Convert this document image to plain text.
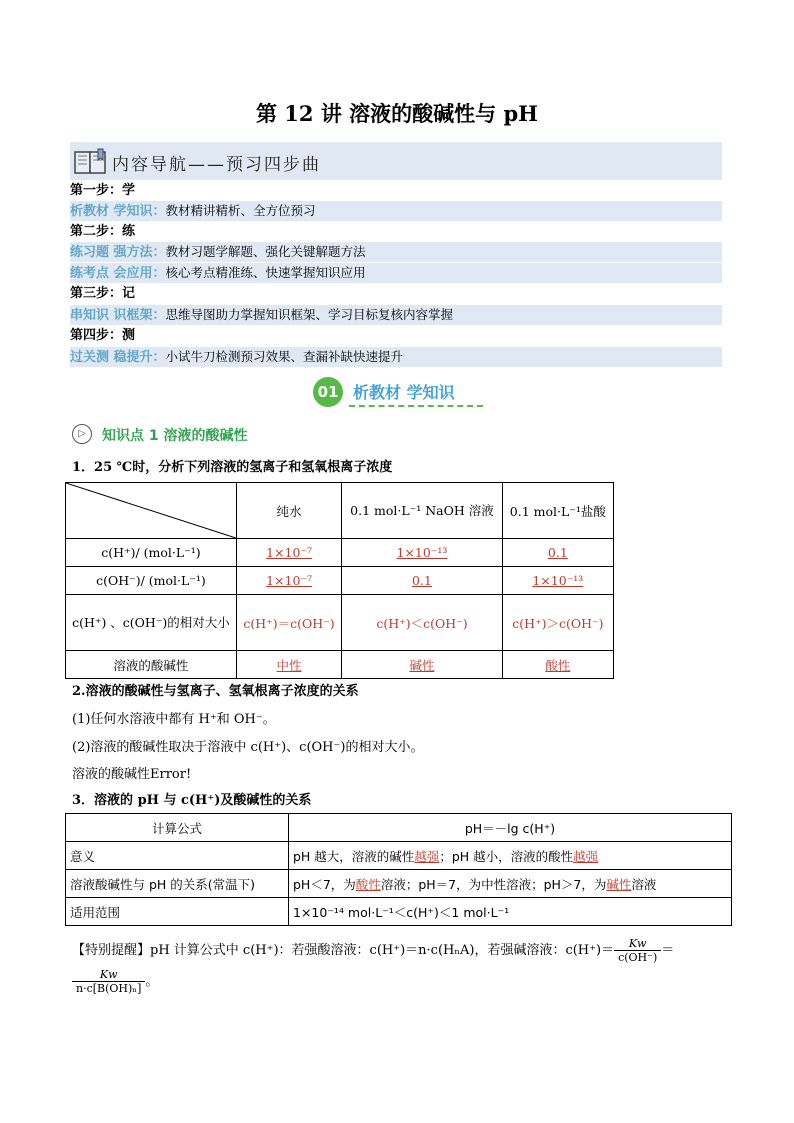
第 12 讲 溶液的酸碱性与 pH
内容导航——预习四步曲
第一步：学
析教材 学知识：教材精讲精析、全方位预习
第二步：练
练习题 强方法：教材习题学解题、强化关键解题方法
练考点 会应用：核心考点精准练、快速掌握知识应用
第三步：记
串知识 识框架：思维导图助力掌握知识框架、学习目标复核内容掌握
第四步：测
过关测 稳提升：小试牛刀检测预习效果、查漏补缺快速提升
01 析教材 学知识
▷	知识点 1 溶液的酸碱性
1．25 ℃时，分析下列溶液的氢离子和氢氧根离子浓度
	纯水	0.1 mol·L⁻¹ NaOH 溶液	0.1 mol·L⁻¹盐酸
c(H⁺)/ (mol·L⁻¹)	1×10⁻⁷	1×10⁻¹³	0.1
c(OH⁻)/ (mol·L⁻¹)	1×10⁻⁷	0.1	1×10⁻¹³
c(H⁺) 、c(OH⁻)的相对大小	c(H⁺)＝c(OH⁻)	c(H⁺)＜c(OH⁻)	c(H⁺)＞c(OH⁻)
溶液的酸碱性	中性	碱性	酸性
2.溶液的酸碱性与氢离子、氢氧根离子浓度的关系
(1)任何水溶液中都有 H⁺和 OH⁻。
(2)溶液的酸碱性取决于溶液中 c(H⁺)、c(OH⁻)的相对大小。
溶液的酸碱性Error!
3．溶液的 pH 与 c(H⁺)及酸碱性的关系
计算公式	pH＝－lg c(H⁺)
意义	pH 越大，溶液的碱性越强；pH 越小，溶液的酸性越强
溶液酸碱性与 pH 的关系(常温下)	pH＜7，为酸性溶液；pH＝7，为中性溶液；pH＞7，为碱性溶液
适用范围	1×10⁻¹⁴ mol·L⁻¹＜c(H⁺)＜1 mol·L⁻¹
【特别提醒】pH 计算公式中 c(H⁺)：若强酸溶液：c(H⁺)＝n·c(HₙA)，若强碱溶液：$c(H^+)= \frac{Kw}{c(OH^-)}$ ＝
$\frac{Kw}{\text{n·c[B(OH)ₙ]}}$ 。
